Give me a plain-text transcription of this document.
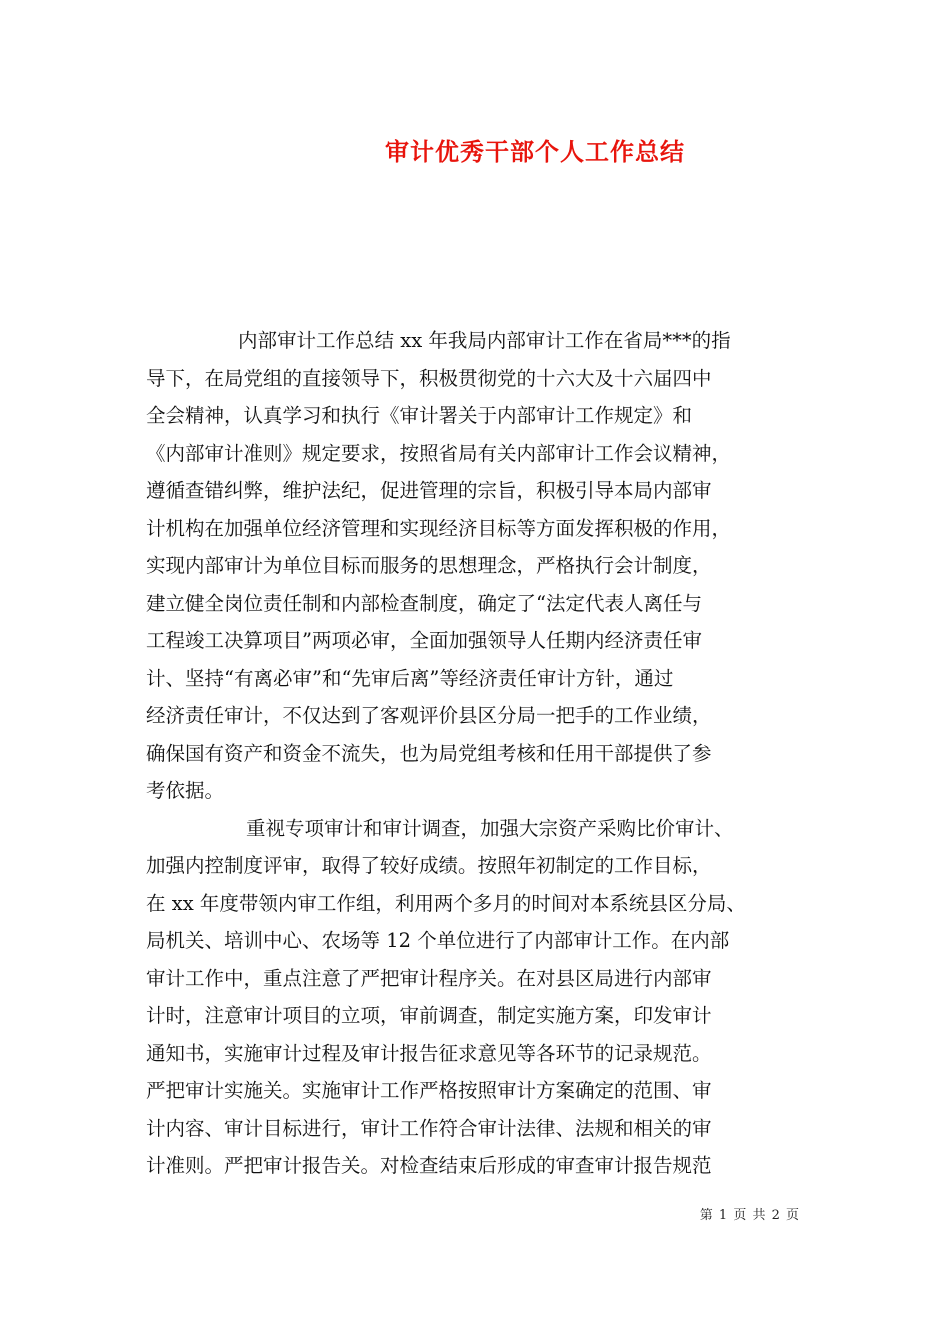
审计优秀干部个人工作总结
内部审计工作总结 xx 年我局内部审计工作在省局***的指
导下，在局党组的直接领导下，积极贯彻党的十六大及十六届四中
全会精神，认真学习和执行《审计署关于内部审计工作规定》和
《内部审计准则》规定要求，按照省局有关内部审计工作会议精神，
遵循查错纠弊，维护法纪，促进管理的宗旨，积极引导本局内部审
计机构在加强单位经济管理和实现经济目标等方面发挥积极的作用，
实现内部审计为单位目标而服务的思想理念，严格执行会计制度，
建立健全岗位责任制和内部检查制度，确定了“法定代表人离任与
工程竣工决算项目”两项必审，全面加强领导人任期内经济责任审
计、坚持“有离必审”和“先审后离”等经济责任审计方针，通过
经济责任审计，不仅达到了客观评价县区分局一把手的工作业绩，
确保国有资产和资金不流失，也为局党组考核和任用干部提供了参
考依据。
重视专项审计和审计调查，加强大宗资产采购比价审计、
加强内控制度评审，取得了较好成绩。按照年初制定的工作目标，
在 xx 年度带领内审工作组，利用两个多月的时间对本系统县区分局、
局机关、培训中心、农场等 12 个单位进行了内部审计工作。在内部
审计工作中，重点注意了严把审计程序关。在对县区局进行内部审
计时，注意审计项目的立项，审前调查，制定实施方案，印发审计
通知书，实施审计过程及审计报告征求意见等各环节的记录规范。
严把审计实施关。实施审计工作严格按照审计方案确定的范围、审
计内容、审计目标进行，审计工作符合审计法律、法规和相关的审
计准则。严把审计报告关。对检查结束后形成的审查审计报告规范
第 1 页 共 2 页
